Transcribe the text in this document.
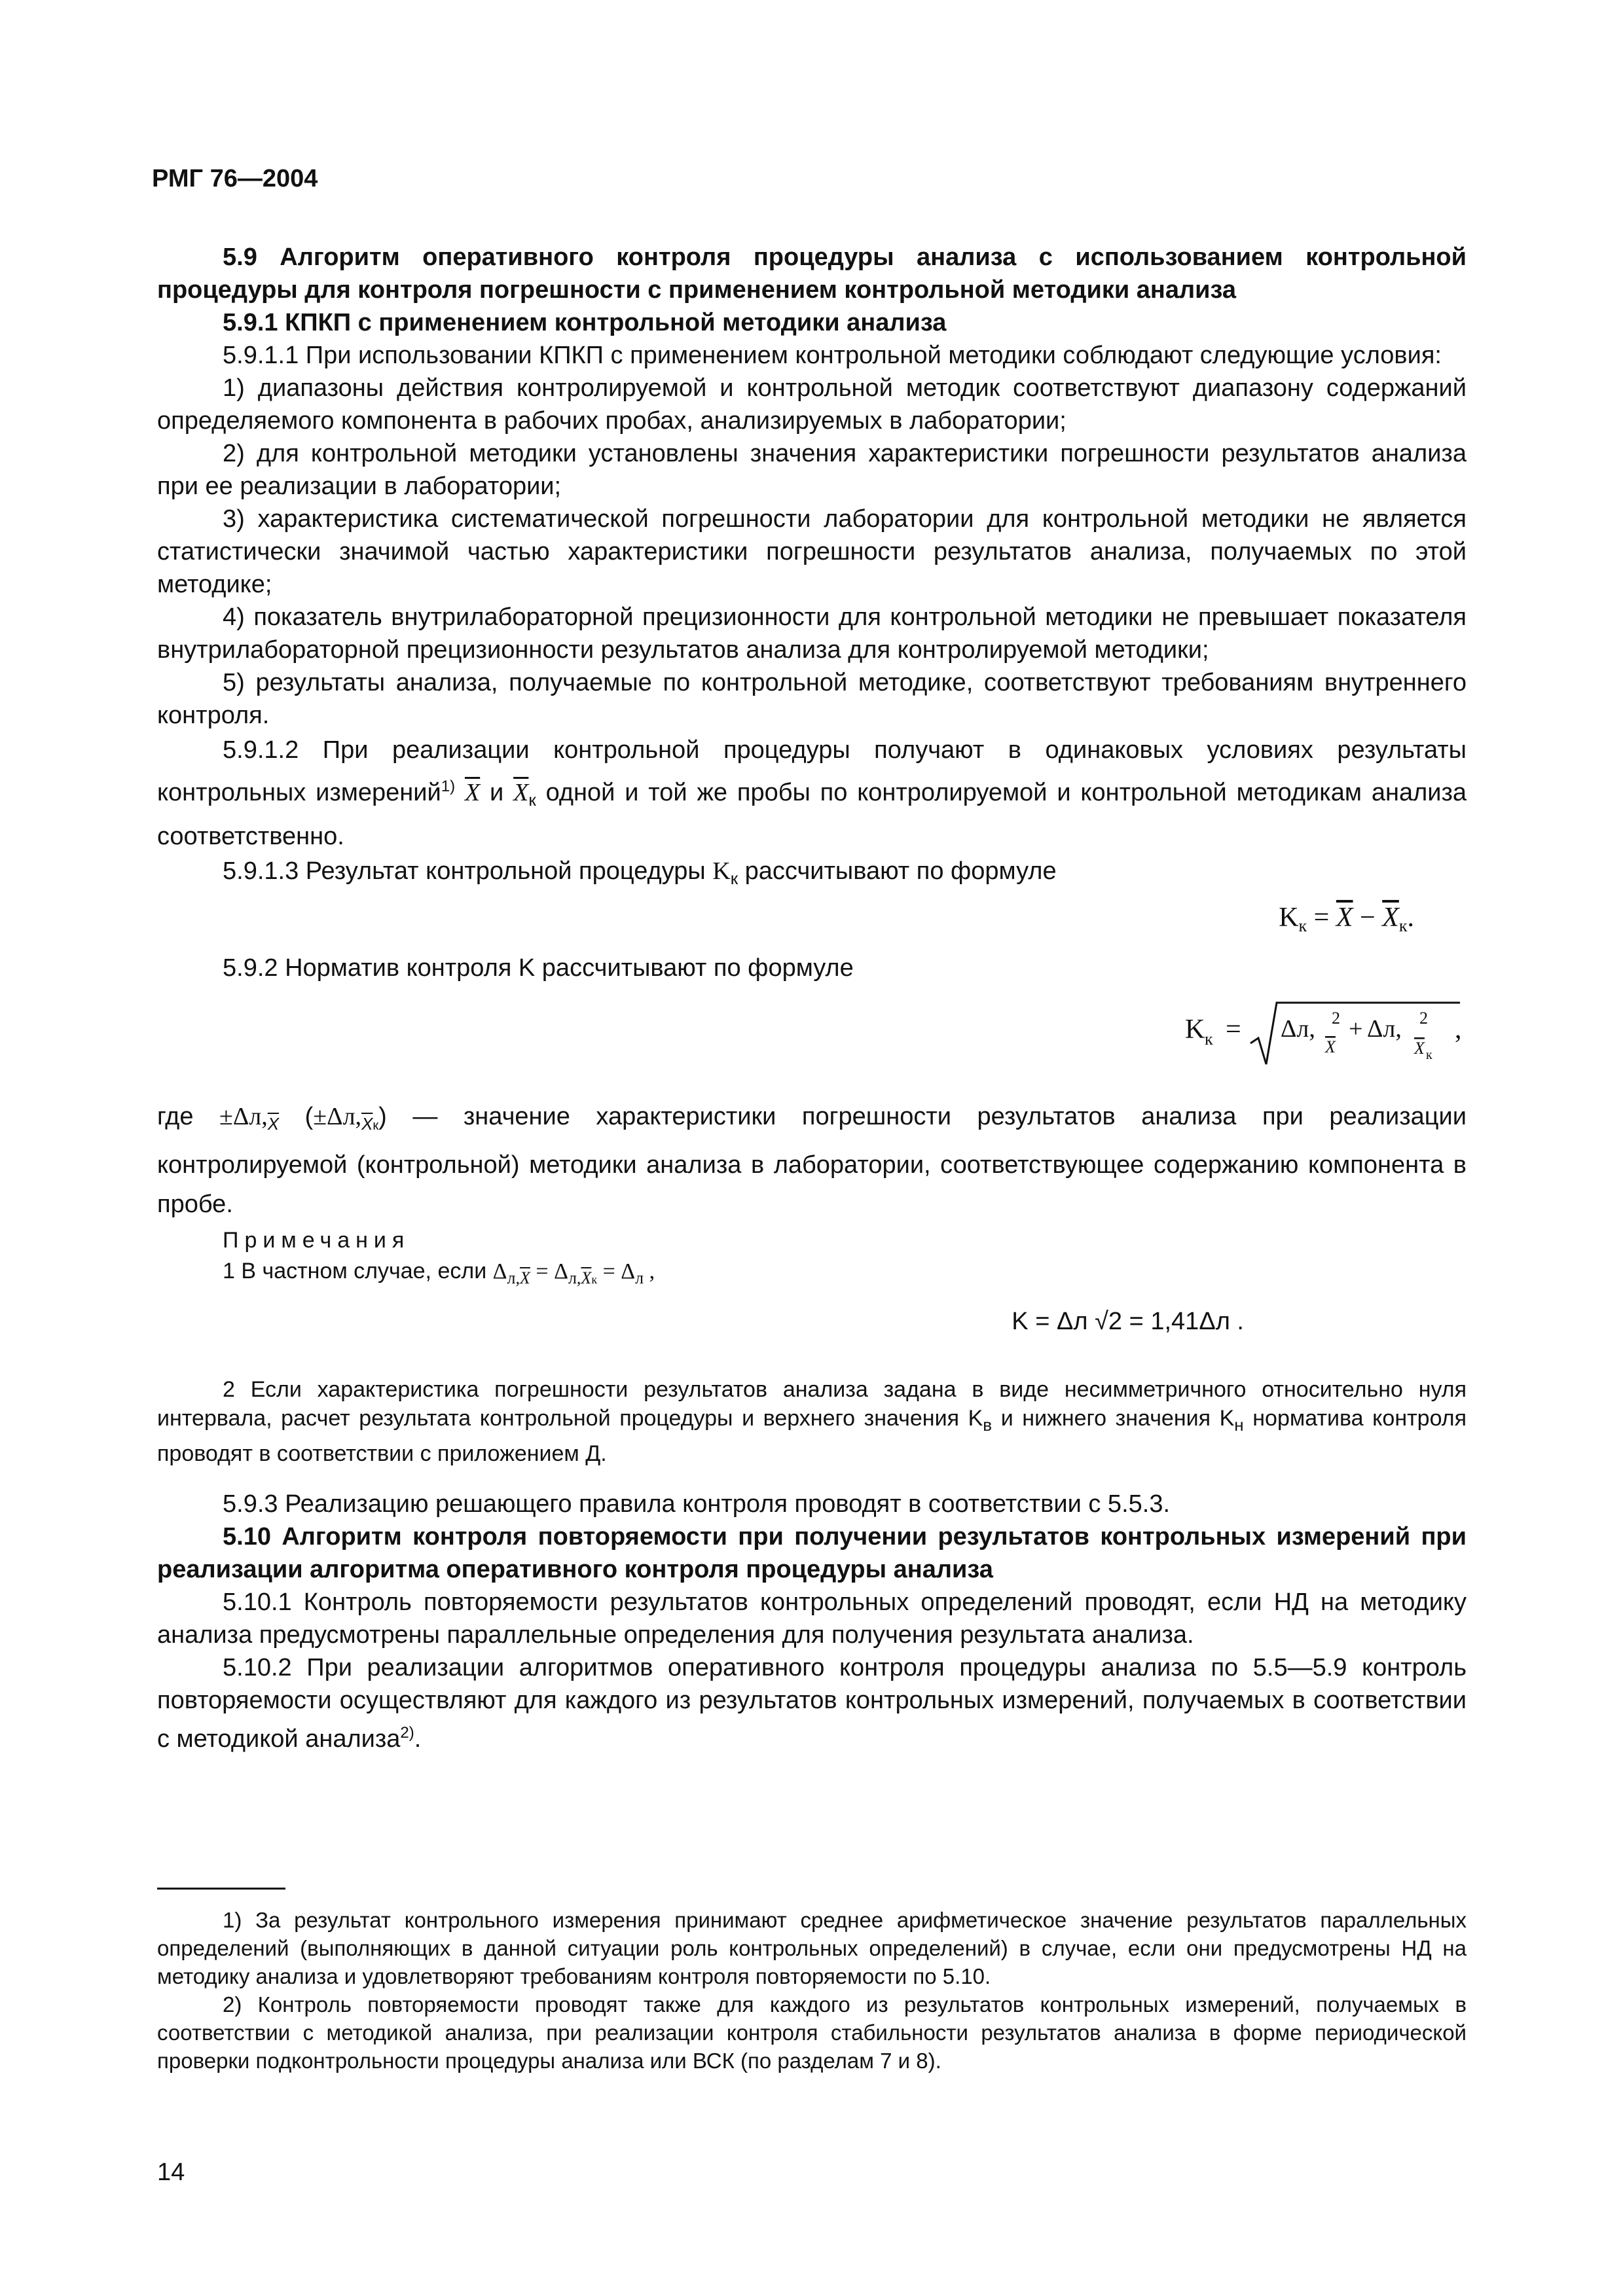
РМГ 76—2004

5.9 Алгоритм оперативного контроля процедуры анализа с использованием контрольной процедуры для контроля погрешности с применением контрольной методики анализа

5.9.1 КПКП с применением контрольной методики анализа

5.9.1.1 При использовании КПКП с применением контрольной методики соблюдают следующие условия:

1) диапазоны действия контролируемой и контрольной методик соответствуют диапазону содержаний определяемого компонента в рабочих пробах, анализируемых в лаборатории;

2) для контрольной методики установлены значения характеристики погрешности результатов анализа при ее реализации в лаборатории;

3) характеристика систематической погрешности лаборатории для контрольной методики не является статистически значимой частью характеристики погрешности результатов анализа, получаемых по этой методике;

4) показатель внутрилабораторной прецизионности для контрольной методики не превышает показателя внутрилабораторной прецизионности результатов анализа для контролируемой методики;

5) результаты анализа, получаемые по контрольной методике, соответствуют требованиям внутреннего контроля.

5.9.1.2 При реализации контрольной процедуры получают в одинаковых условиях результаты контрольных измерений$^{1)}$ $\overline{X}$ и $\overline{X}_к$ одной и той же пробы по контролируемой и контрольной методикам анализа соответственно.

5.9.1.3 Результат контрольной процедуры $K_к$ рассчитывают по формуле

$K_к = \overline{X} - \overline{X}_к$.

5.9.2 Норматив контроля K рассчитывают по формуле

K к = Δл, 2
X
+ Δл, 2
X к
,

где $\pm\Delta л,_{\overline{X}}$ $(\pm\Delta л,_{\overline{X}к})$ — значение характеристики погрешности результатов анализа при реализации контролируемой (контрольной) методики анализа в лаборатории, соответствующее содержанию компонента в пробе.

Примечания

1 В частном случае, если $\Delta_{л,\overline{X}} = \Delta_{л,\overline{X}к} = \Delta_л$ ,

K = Δл √2 = 1,41Δл .

2 Если характеристика погрешности результатов анализа задана в виде несимметричного относительно нуля интервала, расчет результата контрольной процедуры и верхнего значения $K_в$ и нижнего значения $K_н$ норматива контроля проводят в соответствии с приложением Д.

5.9.3 Реализацию решающего правила контроля проводят в соответствии с 5.5.3.

5.10 Алгоритм контроля повторяемости при получении результатов контрольных измерений при реализации алгоритма оперативного контроля процедуры анализа

5.10.1 Контроль повторяемости результатов контрольных определений проводят, если НД на методику анализа предусмотрены параллельные определения для получения результата анализа.

5.10.2 При реализации алгоритмов оперативного контроля процедуры анализа по 5.5—5.9 контроль повторяемости осуществляют для каждого из результатов контрольных измерений, получаемых в соответствии с методикой анализа$^{2)}$.

1) За результат контрольного измерения принимают среднее арифметическое значение результатов параллельных определений (выполняющих в данной ситуации роль контрольных определений) в случае, если они предусмотрены НД на методику анализа и удовлетворяют требованиям контроля повторяемости по 5.10.

2) Контроль повторяемости проводят также для каждого из результатов контрольных измерений, получаемых в соответствии с методикой анализа, при реализации контроля стабильности результатов анализа в форме периодической проверки подконтрольности процедуры анализа или ВСК (по разделам 7 и 8).

14
